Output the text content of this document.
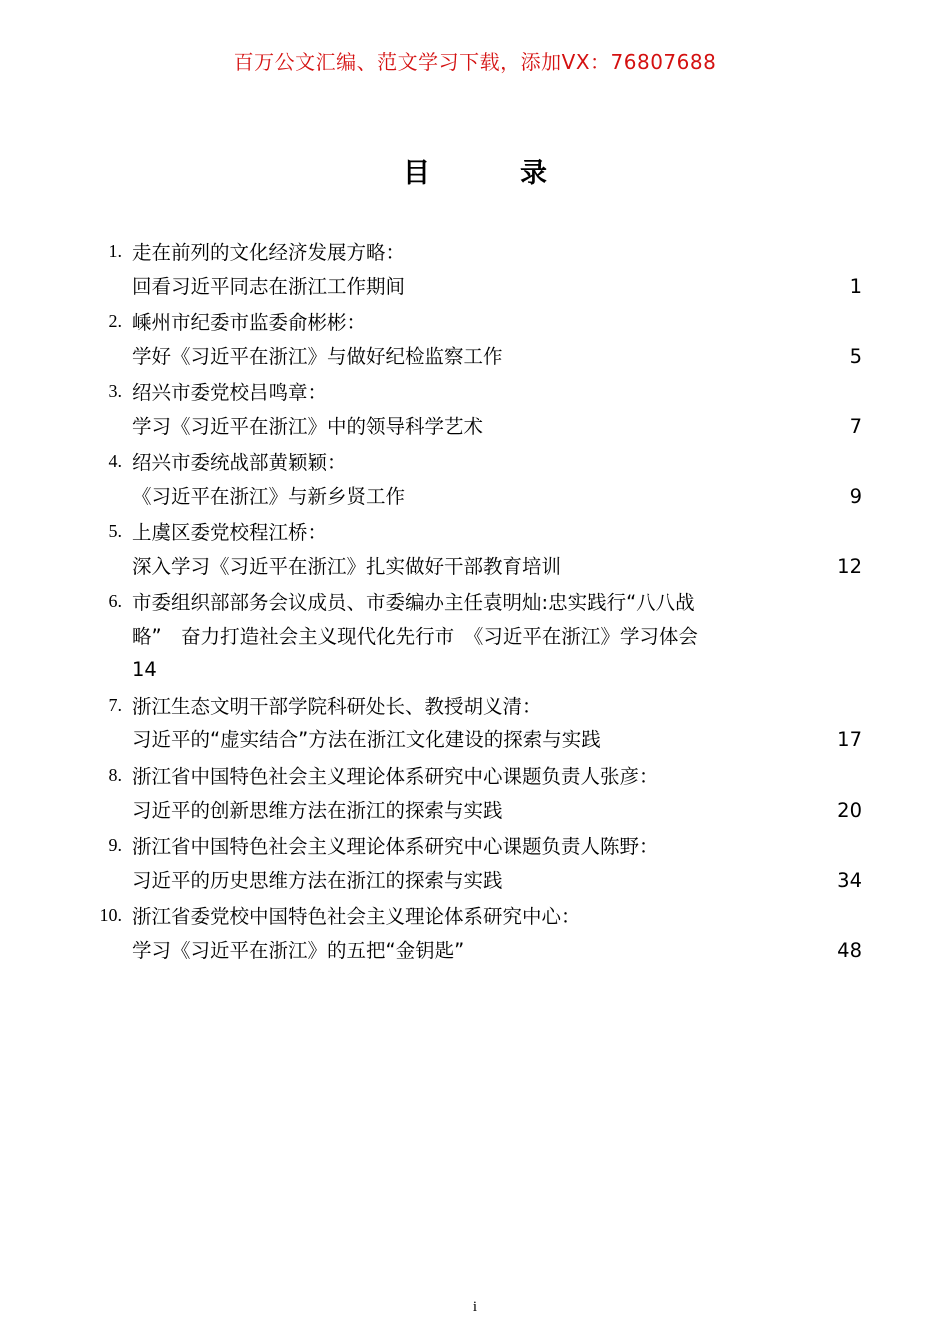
百万公文汇编、范文学习下载，添加VX：76807688
目　　录
1. 走在前列的文化经济发展方略：
回看习近平同志在浙江工作期间	1
2. 嵊州市纪委市监委俞彬彬：
学好《习近平在浙江》与做好纪检监察工作	5
3. 绍兴市委党校吕鸣章：
学习《习近平在浙江》中的领导科学艺术	7
4. 绍兴市委统战部黄颖颖：
《习近平在浙江》与新乡贤工作	9
5. 上虞区委党校程江桥：
深入学习《习近平在浙江》扎实做好干部教育培训	12
6. 市委组织部部务会议成员、市委编办主任袁明灿:忠实践行“八八战
略”　奋力打造社会主义现代化先行市　《习近平在浙江》学习体会
14
7. 浙江生态文明干部学院科研处长、教授胡义清：
习近平的“虚实结合”方法在浙江文化建设的探索与实践	17
8. 浙江省中国特色社会主义理论体系研究中心课题负责人张彦：
习近平的创新思维方法在浙江的探索与实践	20
9. 浙江省中国特色社会主义理论体系研究中心课题负责人陈野：
习近平的历史思维方法在浙江的探索与实践	34
10. 浙江省委党校中国特色社会主义理论体系研究中心：
学习《习近平在浙江》的五把“金钥匙”	48
i
